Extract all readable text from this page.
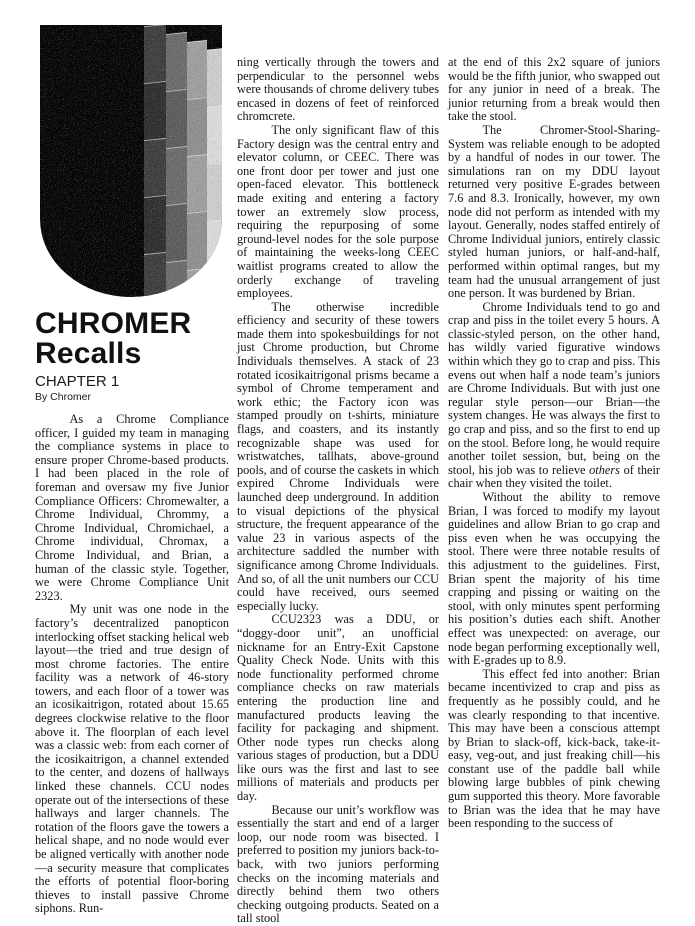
CHROMER
Recalls
CHAPTER 1
By Chromer

As a Chrome Compliance officer, I guided my team in managing the compliance systems in place to ensure proper Chrome-based products. I had been placed in the role of foreman and oversaw my five Junior Compliance Officers: Chromewalter, a Chrome Individual, Chrommy, a Chrome Individual, Chromichael, a Chrome individual, Chromax, a Chrome Individual, and Brian, a human of the classic style. Together, we were Chrome Compliance Unit 2323.

My unit was one node in the factory’s decentralized panopticon interlocking offset stacking helical web layout—the tried and true design of most chrome factories. The entire facility was a network of 46-story towers, and each floor of a tower was an icosikaitrigon, rotated about 15.65 degrees clockwise relative to the floor above it. The floorplan of each level was a classic web: from each corner of the icosikaitrigon, a channel extended to the center, and dozens of hallways linked these channels. CCU nodes operate out of the intersections of these hallways and larger channels. The rotation of the floors gave the towers a helical shape, and no node would ever be aligned vertically with another node—a security measure that complicates the efforts of potential floor-boring thieves to install passive Chrome siphons. Run-

ning vertically through the towers and perpendicular to the personnel webs were thousands of chrome delivery tubes encased in dozens of feet of reinforced chromcrete.

The only significant flaw of this Factory design was the central entry and elevator column, or CEEC. There was one front door per tower and just one open-faced elevator. This bottleneck made exiting and entering a factory tower an extremely slow process, requiring the repurposing of some ground-level nodes for the sole purpose of maintaining the weeks-long CEEC waitlist programs created to allow the orderly exchange of traveling employees.

The otherwise incredible efficiency and security of these towers made them into spokesbuildings for not just Chrome production, but Chrome Individuals themselves. A stack of 23 rotated icosikaitrigonal prisms became a symbol of Chrome temperament and work ethic; the Factory icon was stamped proudly on t-shirts, miniature flags, and coasters, and its instantly recognizable shape was used for wristwatches, tallhats, above-ground pools, and of course the caskets in which expired Chrome Individuals were launched deep underground. In addition to visual depictions of the physical structure, the frequent appearance of the value 23 in various aspects of the architecture saddled the number with significance among Chrome Individuals. And so, of all the unit numbers our CCU could have received, ours seemed especially lucky.

CCU2323 was a DDU, or “doggy-door unit”, an unofficial nickname for an Entry-Exit Capstone Quality Check Node. Units with this node functionality performed chrome compliance checks on raw materials entering the production line and manufactured products leaving the facility for packaging and shipment. Other node types run checks along various stages of production, but a DDU like ours was the first and last to see millions of materials and products per day.

Because our unit’s workflow was essentially the start and end of a larger loop, our node room was bisected. I preferred to position my juniors back-to-back, with two juniors performing checks on the incoming materials and directly behind them two others checking outgoing products. Seated on a tall stool

at the end of this 2x2 square of juniors would be the fifth junior, who swapped out for any junior in need of a break. The junior returning from a break would then take the stool.

The Chromer-Stool-Sharing-System was reliable enough to be adopted by a handful of nodes in our tower. The simulations ran on my DDU layout returned very positive E-grades between 7.6 and 8.3. Ironically, however, my own node did not perform as intended with my layout. Generally, nodes staffed entirely of Chrome Individual juniors, entirely classic styled human juniors, or half-and-half, performed within optimal ranges, but my team had the unusual arrangement of just one person. It was burdened by Brian.

Chrome Individuals tend to go and crap and piss in the toilet every 5 hours. A classic-styled person, on the other hand, has wildly varied figurative windows within which they go to crap and piss. This evens out when half a node team’s juniors are Chrome Individuals. But with just one regular style person—our Brian—the system changes. He was always the first to go crap and piss, and so the first to end up on the stool. Before long, he would require another toilet session, but, being on the stool, his job was to relieve others of their chair when they visited the toilet.

Without the ability to remove Brian, I was forced to modify my layout guidelines and allow Brian to go crap and piss even when he was occupying the stool. There were three notable results of this adjustment to the guidelines. First, Brian spent the majority of his time crapping and pissing or waiting on the stool, with only minutes spent performing his position’s duties each shift. Another effect was unexpected: on average, our node began performing exceptionally well, with E-grades up to 8.9.

This effect fed into another: Brian became incentivized to crap and piss as frequently as he possibly could, and he was clearly responding to that incentive. This may have been a conscious attempt by Brian to slack-off, kick-back, take-it-easy, veg-out, and just freaking chill—his constant use of the paddle ball while blowing large bubbles of pink chewing gum supported this theory. More favorable to Brian was the idea that he may have been responding to the success of
